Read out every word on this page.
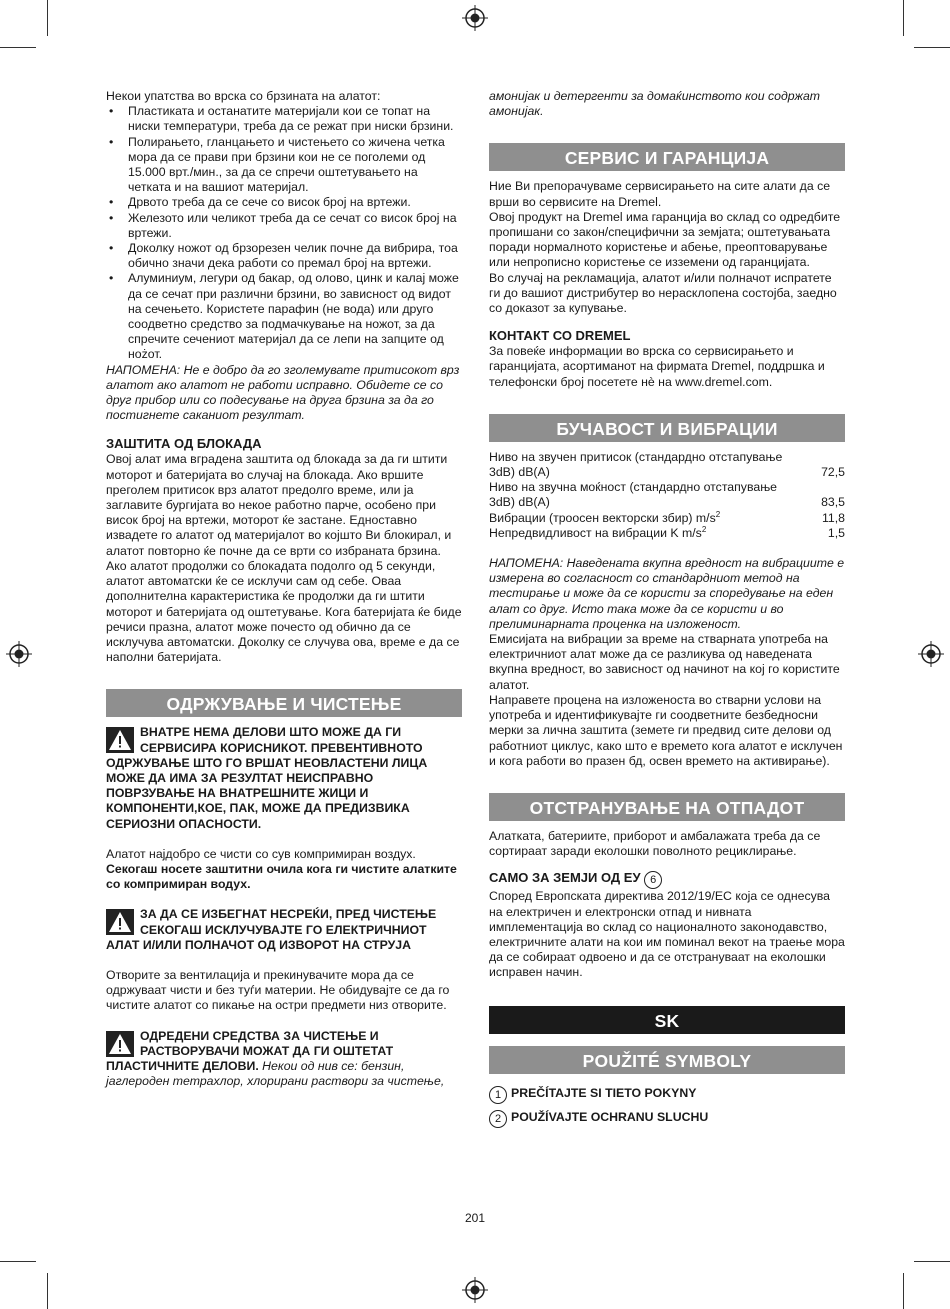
Некои упатства во врска со брзината на алатот:

• Пластиката и останатите материјали кои се топат на ниски температури, треба да се режат при ниски брзини.
• Полирањето, гланцањето и чистењето со жичена четка мора да се прави при брзини кои не се поголеми од 15.000 врт./мин., за да се спречи оштетувањето на четката и на вашиот материјал.
• Дрвото треба да се сече со висок број на вртежи.
• Железото или челикот треба да се сечат со висок број на вртежи.
• Доколку ножот од брзорезен челик почне да вибрира, тоа обично значи дека работи со премал број на вртежи.
• Алуминиум, легури од бакар, од олово, цинк и калај може да се сечат при различни брзини, во зависност од видот на сечењето. Користете парафин (не вода) или друго соодветно средство за подмачкување на ножот, за да спречите сечениот материјал да се лепи на запците од нożот.

НАПОМЕНА: Не е добро да го зголемувате притисокот врз алатот ако алатот не работи исправно. Обидете се со друг прибор или со подесување на друга брзина за да го постигнете саканиот резултат.

ЗАШТИТА ОД БЛОКАДА

Овој алат има вградена заштита од блокада за да ги штити моторот и батеријата во случај на блокада. Ако вршите преголем притисок врз алатот предолго време, или ја заглавите бургијата во некое работно парче, особено при висок број на вртежи, моторот ќе застане. Едноставно извадете го алатот од материјалот во којшто Ви блокирал, и алатот повторно ќе почне да се врти со избраната брзина. Ако алатот продолжи со блокадата подолго од 5 секунди, алатот автоматски ќе се исклучи сам од себе. Оваа дополнителна карактеристика ќе продолжи да ги штити моторот и батеријата од оштетување. Кога батеријата ќе биде речиси празна, алатот може почесто од обично да се исклучува автоматски. Доколку се случува ова, време е да се наполни батеријата.

ОДРЖУВАЊЕ И ЧИСТЕЊЕ
ВНАТРЕ НЕМА ДЕЛОВИ ШТО МОЖЕ ДА ГИ СЕРВИСИРА КОРИСНИКОТ. ПРЕВЕНТИВНОТО ОДРЖУВАЊЕ ШТО ГО ВРШАТ НЕОВЛАСТЕНИ ЛИЦА МОЖЕ ДА ИМА ЗА РЕЗУЛТАТ НЕИСПРАВНО ПОВРЗУВАЊЕ НА ВНАТРЕШНИТЕ ЖИЦИ И КОМПОНЕНТИ,КОЕ, ПАК, МОЖЕ ДА ПРЕДИЗВИКА СЕРИОЗНИ ОПАСНОСТИ.

Алатот најдобро се чисти со сув компримиран воздух. Секогаш носете заштитни очила кога ги чистите алатките со компримиран водух.

ЗА ДА СЕ ИЗБЕГНАТ НЕСРЕЌИ, ПРЕД ЧИСТЕЊЕ СЕКОГАШ ИСКЛУЧУВАЈТЕ ГО ЕЛЕКТРИЧНИОТ АЛАТ И/ИЛИ ПОЛНАЧОТ ОД ИЗВОРОТ НА СТРУЈА

Отворите за вентилација и прекинувачите мора да се одржуваат чисти и без туѓи материи. Не обидувајте се да го чистите алатот со пикање на остри предмети низ отворите.

ОДРЕДЕНИ СРЕДСТВА ЗА ЧИСТЕЊЕ И РАСТВОРУВАЧИ МОЖАТ ДА ГИ ОШТЕТАТ ПЛАСТИЧНИТЕ ДЕЛОВИ. Некои од нив се: бензин, јаглероден тетрахлор, хлорирани раствори за чистење,

амонијак и детергенти за домаќинството кои содржат амонијак.

СЕРВИС И ГАРАНЦИЈА

Ние Ви препорачуваме сервисирањето на сите алати да се врши во сервисите на Dremel.

Овој продукт на Dremel има гаранција во склад со одредбите пропишани со закон/специфични за земјата; оштетувањата поради нормалното користење и абење, преоптоварување или непрописно користење се изземени од гаранцијата.

Во случај на рекламација, алатот и/или полначот испратете ги до вашиот дистрибутер во нерасклопена состојба, заедно со доказот за купување.

КОНТАКТ СО DREMEL

За повеќе информации во врска со сервисирањето и гаранцијата, асортиманот на фирмата Dremel, поддршка и телефонски број посетете нè на www.dremel.com.

БУЧАВОСТ И ВИБРАЦИИ
Ниво на звучен притисок (стандардно отстапување 3dB) dB(A)	72,5
Ниво на звучна моќност (стандардно отстапување 3dB) dB(A)	83,5
Вибрации (троосен векторски збир) $m/s^2$	11,8
Непредвидливост на вибрации K $m/s^2$	1,5

НАПОМЕНА: Наведената вкупна вредност на вибрациите е измерена во согласност со стандардниот метод на тестирање и може да се користи за споредување на еден алат со друг. Исто така може да се користи и во прелиминарната проценка на изложеност.

Емисијата на вибрации за време на стварната употреба на електричниот алат може да се разликува од наведената вкупна вредност, во зависност од начинот на кој го користите алатот.

Направете процена на изложеноста во стварни услови на употреба и идентификувајте ги соодветните безбедносни мерки за лична заштита (земете ги предвид сите делови од работниот циклус, како што е времето кога алатот е исклучен и кога работи во празен бд, освен времето на активирање).

ОТСТРАНУВАЊЕ НА ОТПАДОТ

Алатката, батериите, приборот и амбалажата треба да се сортираат заради еколошки поволното рециклирање.

САМО ЗА ЗЕМЈИ ОД ЕУ 6

Според Европската директива 2012/19/ЕС која се однесува на електричен и електронски отпад и нивната имплементација во склад со националното законодавство, електричните алати на кои им поминал векот на траење мора да се собираат одвоено и да се отстрануваат на еколошки исправен начин.

SK
POUŽITÉ SYMBOLY

1 PREČÍTAJTE SI TIETO POKYNY

2 POUŽÍVAJTE OCHRANU SLUCHU

201
